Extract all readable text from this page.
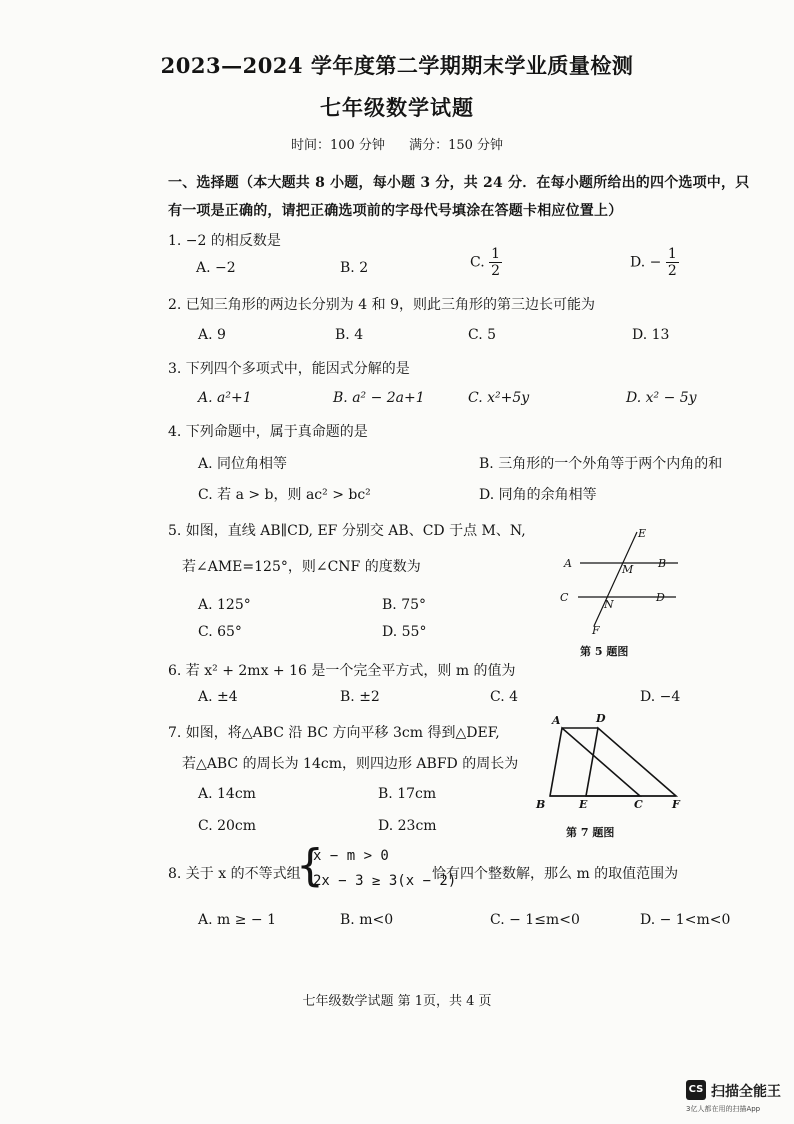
2023—2024 学年度第二学期期末学业质量检测
七年级数学试题
时间：100 分钟 满分：150 分钟
一、选择题（本大题共 8 小题，每小题 3 分，共 24 分．在每小题所给出的四个选项中，只
有一项是正确的，请把正确选项前的字母代号填涂在答题卡相应位置上）
1. −2 的相反数是
A. −2	B. 2	C. $\frac{1}{2}$	D. − $\frac{1}{2}$
2. 已知三角形的两边长分别为 4 和 9，则此三角形的第三边长可能为
A. 9	B. 4	C. 5	D. 13
3. 下列四个多项式中，能因式分解的是
A. a²+1	B. a² − 2a+1	C. x²+5y	D. x² − 5y
4. 下列命题中，属于真命题的是
A. 同位角相等	B. 三角形的一个外角等于两个内角的和
C. 若 a > b，则 ac² > bc²	D. 同角的余角相等
5. 如图，直线 AB∥CD, EF 分别交 AB、CD 于点 M、N,
若∠AME=125°，则∠CNF 的度数为
A. 125°	B. 75°
C. 65°	D. 55°
E
A	M B
C
N
D
F
第 5 题图
6. 若 x² + 2mx + 16 是一个完全平方式，则 m 的值为
A. ±4	B. ±2	C. 4	D. −4
7. 如图，将△ABC 沿 BC 方向平移 3cm 得到△DEF,
若△ABC 的周长为 14cm，则四边形 ABFD 的周长为
A. 14cm	B. 17cm
C. 20cm	D. 23cm
A	D
B	E	C	F
第 7 题图
8. 关于 x 的不等式组
{
x − m > 0
2x − 3 ≥ 3(x − 2)
恰有四个整数解，那么 m 的取值范围为
A. m ≥ − 1	B. m<0	C. − 1≤m<0	D. − 1<m<0
七年级数学试题 第 1页，共 4 页
CS 扫描全能王
3亿人都在用的扫描App
